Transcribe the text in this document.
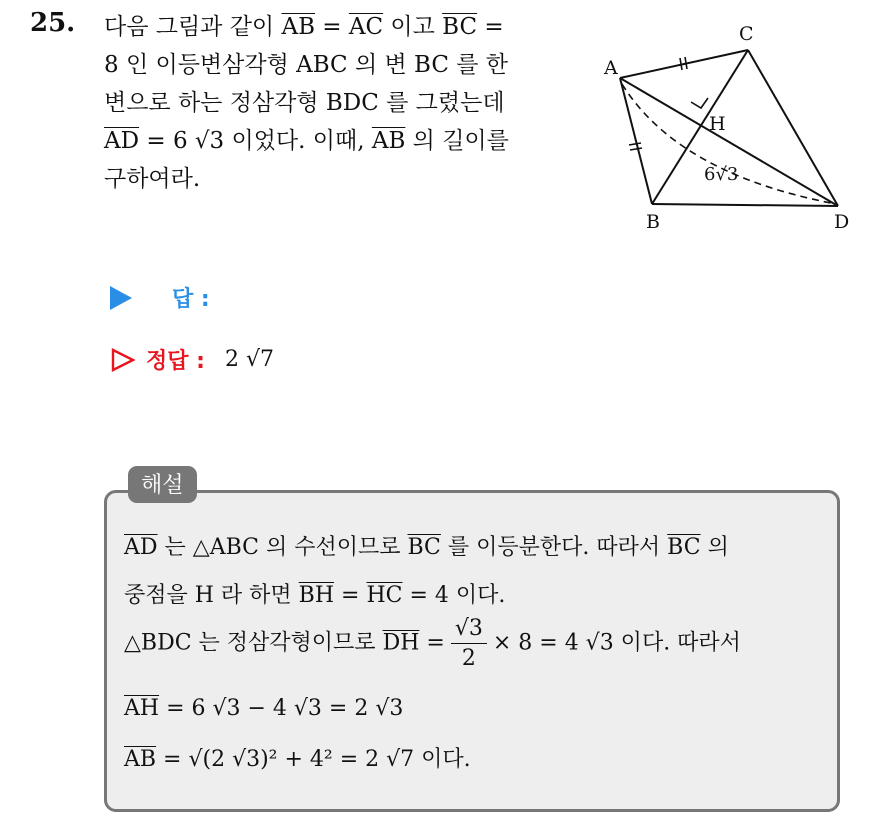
25. 다음 그림과 같이 $\overline{AB} = \overline{AC}$ 이고 $\overline{BC}$ =
8 인 이등변삼각형 ABC 의 변 BC 를 한
변으로 하는 정삼각형 BDC 를 그렸는데
$\overline{AD} = 6$ √3 이었다. 이때, $\overline{AB}$ 의 길이를
구하여라.
A
B
C
D
H
6√3
답 :
정답 : 2 √7
해설
$\overline{AD}$ 는 △ABC 의 수선이므로 $\overline{BC}$ 를 이등분한다. 따라서 $\overline{BC}$ 의
중점을 H 라 하면 $\overline{BH} = \overline{HC} = 4$ 이다.
△BDC 는 정삼각형이므로 $\overline{DH} = \frac{√3}{2} \times 8 = 4$ √3 이다. 따라서
$\overline{AH} = 6$ √3 − 4 √3 = 2 √3
$\overline{AB} = √(2$ √3)² + 4² = 2 √7 이다.
